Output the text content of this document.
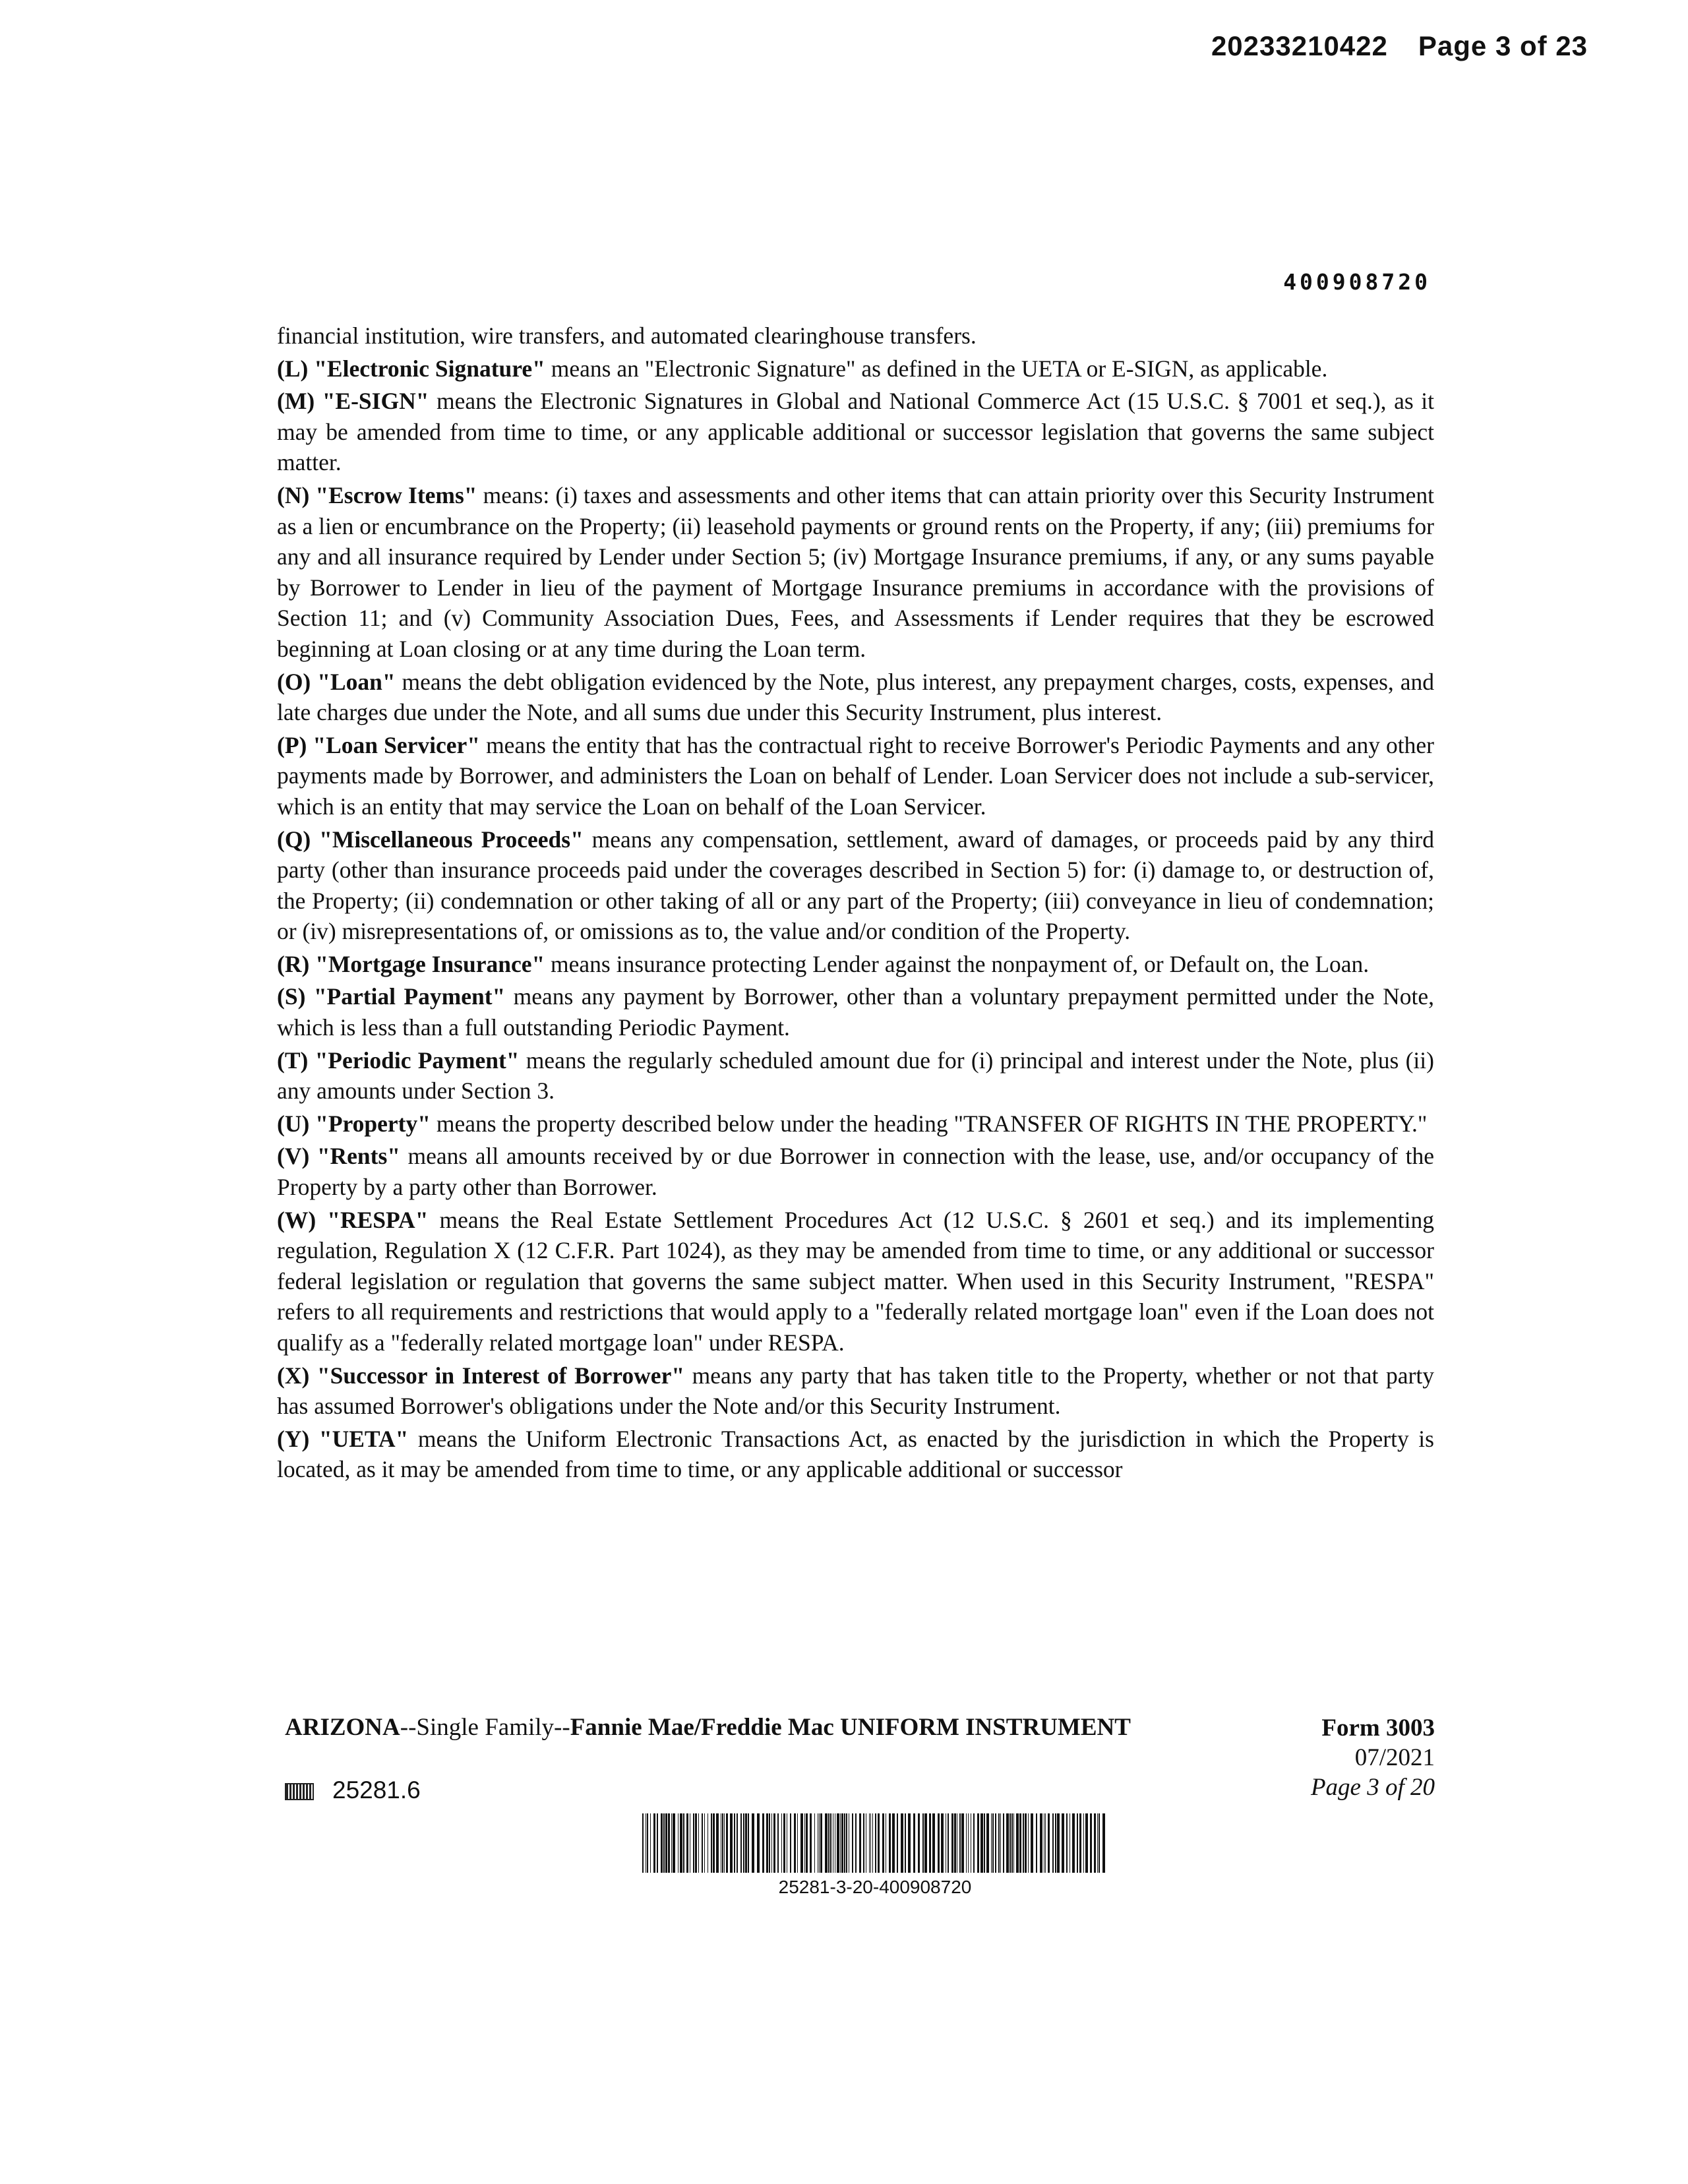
20233210422 Page 3 of 23
400908720

financial institution, wire transfers, and automated clearinghouse transfers.

(L) "Electronic Signature" means an "Electronic Signature" as defined in the UETA or E-SIGN, as applicable.

(M) "E-SIGN" means the Electronic Signatures in Global and National Commerce Act (15 U.S.C. § 7001 et seq.), as it may be amended from time to time, or any applicable additional or successor legislation that governs the same subject matter.

(N) "Escrow Items" means: (i) taxes and assessments and other items that can attain priority over this Security Instrument as a lien or encumbrance on the Property; (ii) leasehold payments or ground rents on the Property, if any; (iii) premiums for any and all insurance required by Lender under Section 5; (iv) Mortgage Insurance premiums, if any, or any sums payable by Borrower to Lender in lieu of the payment of Mortgage Insurance premiums in accordance with the provisions of Section 11; and (v) Community Association Dues, Fees, and Assessments if Lender requires that they be escrowed beginning at Loan closing or at any time during the Loan term.

(O) "Loan" means the debt obligation evidenced by the Note, plus interest, any prepayment charges, costs, expenses, and late charges due under the Note, and all sums due under this Security Instrument, plus interest.

(P) "Loan Servicer" means the entity that has the contractual right to receive Borrower's Periodic Payments and any other payments made by Borrower, and administers the Loan on behalf of Lender. Loan Servicer does not include a sub-servicer, which is an entity that may service the Loan on behalf of the Loan Servicer.

(Q) "Miscellaneous Proceeds" means any compensation, settlement, award of damages, or proceeds paid by any third party (other than insurance proceeds paid under the coverages described in Section 5) for: (i) damage to, or destruction of, the Property; (ii) condemnation or other taking of all or any part of the Property; (iii) conveyance in lieu of condemnation; or (iv) misrepresentations of, or omissions as to, the value and/or condition of the Property.

(R) "Mortgage Insurance" means insurance protecting Lender against the nonpayment of, or Default on, the Loan.

(S) "Partial Payment" means any payment by Borrower, other than a voluntary prepayment permitted under the Note, which is less than a full outstanding Periodic Payment.

(T) "Periodic Payment" means the regularly scheduled amount due for (i) principal and interest under the Note, plus (ii) any amounts under Section 3.

(U) "Property" means the property described below under the heading "TRANSFER OF RIGHTS IN THE PROPERTY."

(V) "Rents" means all amounts received by or due Borrower in connection with the lease, use, and/or occupancy of the Property by a party other than Borrower.

(W) "RESPA" means the Real Estate Settlement Procedures Act (12 U.S.C. § 2601 et seq.) and its implementing regulation, Regulation X (12 C.F.R. Part 1024), as they may be amended from time to time, or any additional or successor federal legislation or regulation that governs the same subject matter. When used in this Security Instrument, "RESPA" refers to all requirements and restrictions that would apply to a "federally related mortgage loan" even if the Loan does not qualify as a "federally related mortgage loan" under RESPA.

(X) "Successor in Interest of Borrower" means any party that has taken title to the Property, whether or not that party has assumed Borrower's obligations under the Note and/or this Security Instrument.

(Y) "UETA" means the Uniform Electronic Transactions Act, as enacted by the jurisdiction in which the Property is located, as it may be amended from time to time, or any applicable additional or successor

ARIZONA--Single Family--Fannie Mae/Freddie Mac UNIFORM INSTRUMENT	Form 3003
07/2021
Page 3 of 20
25281.6
25281-3-20-400908720
